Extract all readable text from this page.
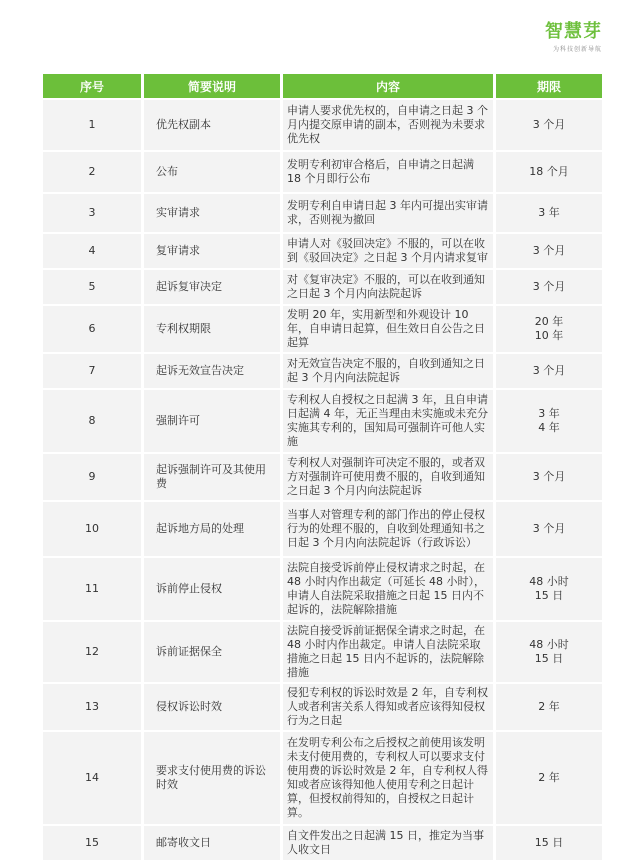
智慧芽
为科技创新导航
序号	简要说明	内容	期限
1	优先权副本	申请人要求优先权的，自申请之日起 3 个月内提交原申请的副本，否则视为未要求优先权	3 个月
2	公布	发明专利初审合格后，自申请之日起满 18 个月即行公布	18 个月
3	实审请求	发明专利自申请日起 3 年内可提出实审请求，否则视为撤回	3 年
4	复审请求	申请人对《驳回决定》不服的，可以在收到《驳回决定》之日起 3 个月内请求复审	3 个月
5	起诉复审决定	对《复审决定》不服的，可以在收到通知之日起 3 个月内向法院起诉	3 个月
6	专利权期限	发明 20 年，实用新型和外观设计 10 年，自申请日起算，但生效日自公告之日起算	20 年
10 年
7	起诉无效宣告决定	对无效宣告决定不服的，自收到通知之日起 3 个月内向法院起诉	3 个月
8	强制许可	专利权人自授权之日起满 3 年，且自申请日起满 4 年，无正当理由未实施或未充分实施其专利的，国知局可强制许可他人实施	3 年
4 年
9	起诉强制许可及其使用费	专利权人对强制许可决定不服的，或者双方对强制许可使用费不服的，自收到通知之日起 3 个月内向法院起诉	3 个月
10	起诉地方局的处理	当事人对管理专利的部门作出的停止侵权行为的处理不服的，自收到处理通知书之日起 3 个月内向法院起诉（行政诉讼）	3 个月
11	诉前停止侵权	法院自接受诉前停止侵权请求之时起，在 48 小时内作出裁定（可延长 48 小时），申请人自法院采取措施之日起 15 日内不起诉的，法院解除措施	48 小时
15 日
12	诉前证据保全	法院自接受诉前证据保全请求之时起，在 48 小时内作出裁定。申请人自法院采取措施之日起 15 日内不起诉的，法院解除措施	48 小时
15 日
13	侵权诉讼时效	侵犯专利权的诉讼时效是 2 年，自专利权人或者利害关系人得知或者应该得知侵权行为之日起	2 年
14	要求支付使用费的诉讼时效	在发明专利公布之后授权之前使用该发明未支付使用费的，专利权人可以要求支付使用费的诉讼时效是 2 年，自专利权人得知或者应该得知他人使用专利之日起计算，但授权前得知的，自授权之日起计算。	2 年
15	邮寄收文日	自文件发出之日起满 15 日，推定为当事人收文日	15 日
